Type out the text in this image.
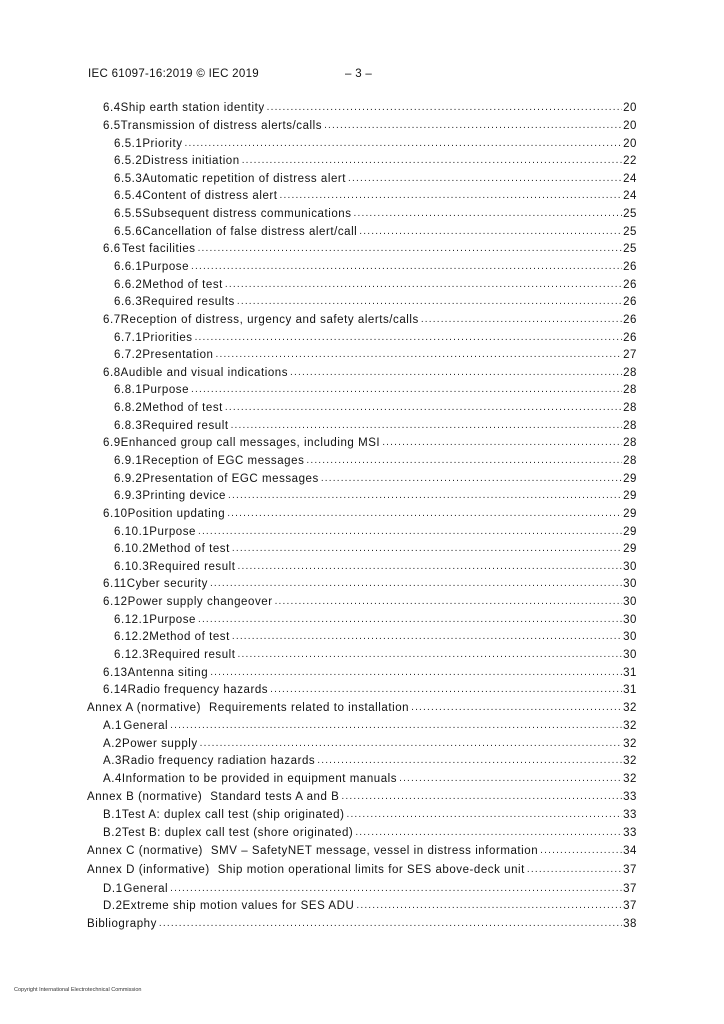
IEC 61097-16:2019 © IEC 2019	– 3 –
6.4 Ship earth station identity .....	20
6.5 Transmission of distress alerts/calls .....	20
6.5.1 Priority .....	20
6.5.2 Distress initiation .....	22
6.5.3 Automatic repetition of distress alert .....	24
6.5.4 Content of distress alert .....	24
6.5.5 Subsequent distress communications .....	25
6.5.6 Cancellation of false distress alert/call .....	25
6.6 Test facilities .....	25
6.6.1 Purpose .....	26
6.6.2 Method of test .....	26
6.6.3 Required results .....	26
6.7 Reception of distress, urgency and safety alerts/calls .....	26
6.7.1 Priorities .....	26
6.7.2 Presentation .....	27
6.8 Audible and visual indications .....	28
6.8.1 Purpose .....	28
6.8.2 Method of test .....	28
6.8.3 Required result .....	28
6.9 Enhanced group call messages, including MSI .....	28
6.9.1 Reception of EGC messages .....	28
6.9.2 Presentation of EGC messages .....	29
6.9.3 Printing device .....	29
6.10 Position updating .....	29
6.10.1 Purpose .....	29
6.10.2 Method of test .....	29
6.10.3 Required result .....	30
6.11 Cyber security .....	30
6.12 Power supply changeover .....	30
6.12.1 Purpose .....	30
6.12.2 Method of test .....	30
6.12.3 Required result .....	30
6.13 Antenna siting .....	31
6.14 Radio frequency hazards .....	31
Annex A (normative) Requirements related to installation .....	32
A.1 General .....	32
A.2 Power supply .....	32
A.3 Radio frequency radiation hazards .....	32
A.4 Information to be provided in equipment manuals .....	32
Annex B (normative) Standard tests A and B .....	33
B.1 Test A: duplex call test (ship originated) .....	33
B.2 Test B: duplex call test (shore originated) .....	33
Annex C (normative) SMV – SafetyNET message, vessel in distress information .....	34
Annex D (informative) Ship motion operational limits for SES above-deck unit .....	37
D.1 General .....	37
D.2 Extreme ship motion values for SES ADU .....	37
Bibliography .....	38
Copyright International Electrotechnical Commission
